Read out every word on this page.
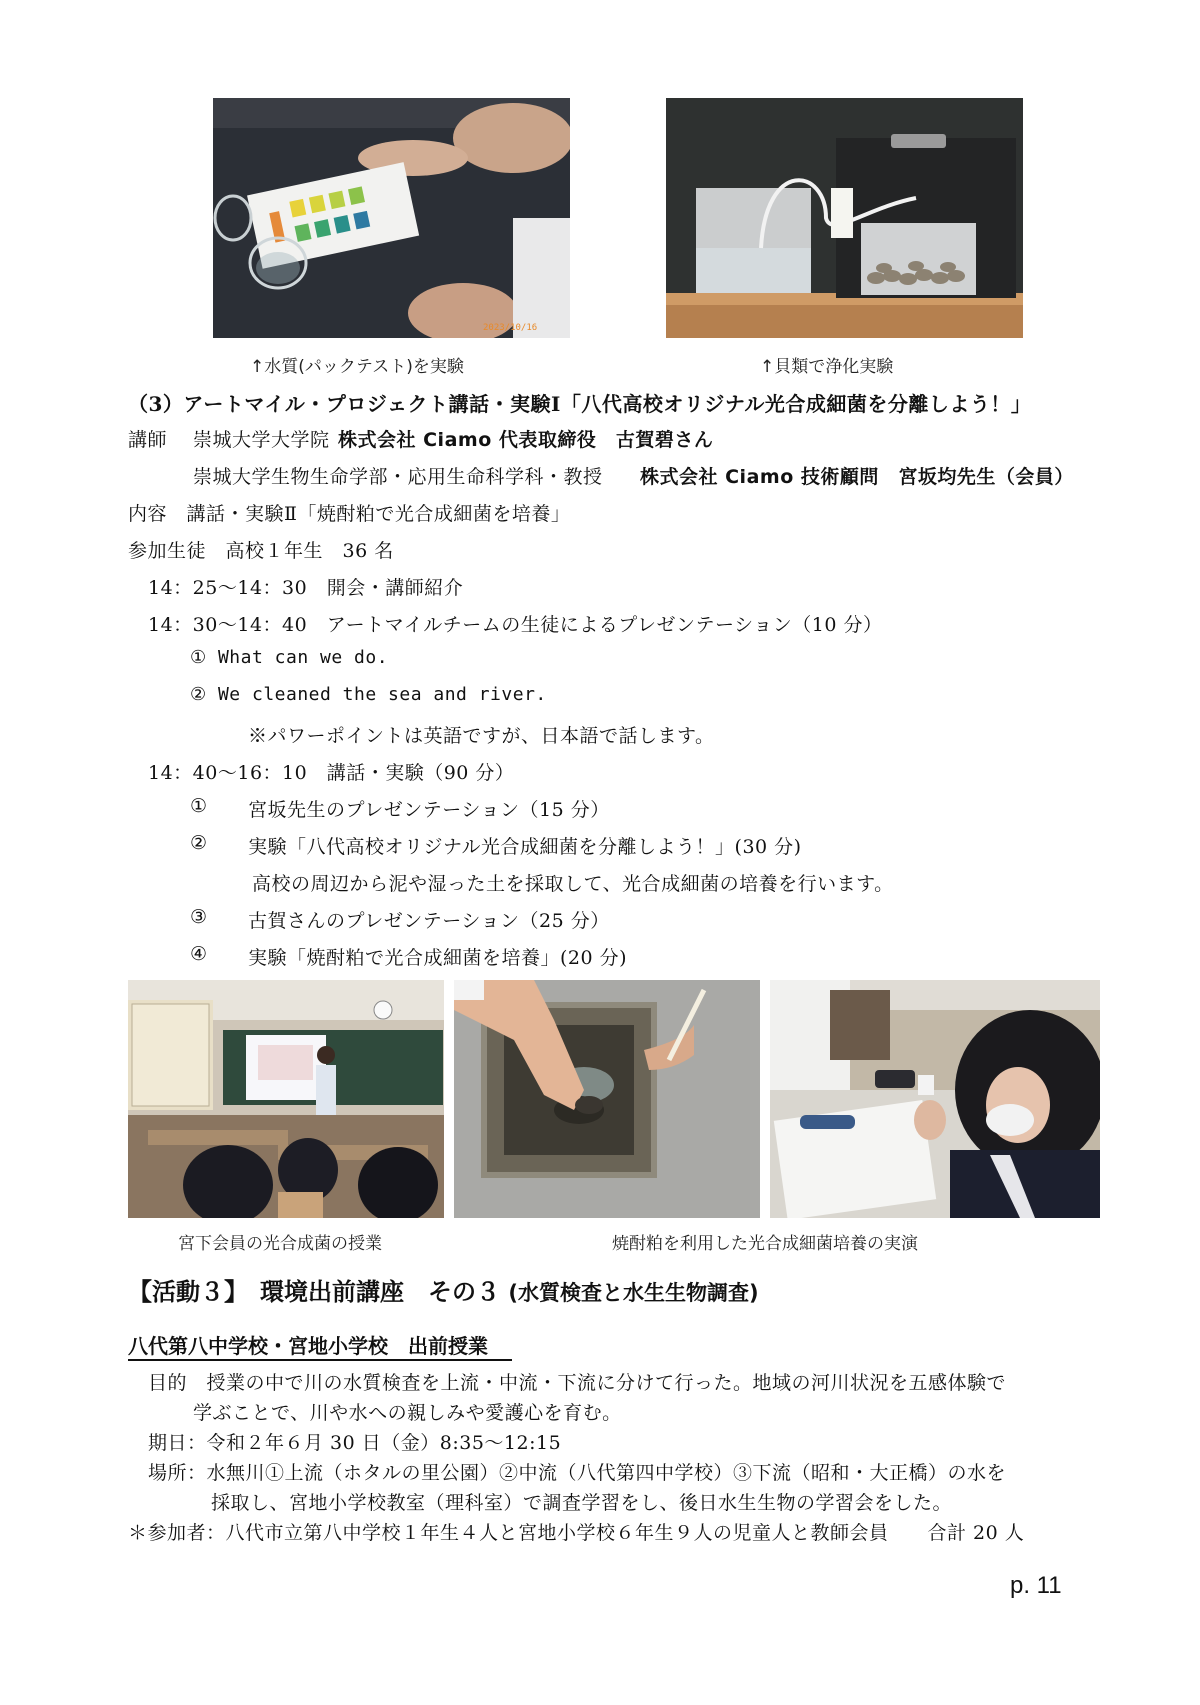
2023/10/16
↑水質(パックテスト)を実験	↑貝類で浄化実験
（3）アートマイル・プロジェクト講話・実験Ⅰ「八代高校オリジナル光合成細菌を分離しよう！」
講師 崇城大学大学院 株式会社 Ciamo 代表取締役　古賀碧さん
崇城大学生物生命学部・応用生命科学科・教授 株式会社 Ciamo 技術顧問　宮坂均先生（会員）
内容　講話・実験Ⅱ「焼酎粕で光合成細菌を培養」
参加生徒　高校１年生　36 名
14：25～14：30　開会・講師紹介
14：30～14：40　アートマイルチームの生徒によるプレゼンテーション（10 分）
① What can we do.
② We cleaned the sea and river.
※パワーポイントは英語ですが、日本語で話します。
14：40～16：10　講話・実験（90 分）
① 宮坂先生のプレゼンテーション（15 分）
② 実験「八代高校オリジナル光合成細菌を分離しよう！」(30 分)
高校の周辺から泥や湿った土を採取して、光合成細菌の培養を行います。
③ 古賀さんのプレゼンテーション（25 分）
④ 実験「焼酎粕で光合成細菌を培養」(20 分)
宮下会員の光合成菌の授業	焼酎粕を利用した光合成細菌培養の実演
【活動３】　環境出前講座　その３ (水質検査と水生生物調査)
八代第八中学校・宮地小学校　出前授業
目的　授業の中で川の水質検査を上流・中流・下流に分けて行った。地域の河川状況を五感体験で
学ぶことで、川や水への親しみや愛護心を育む。
期日：令和２年６月 30 日（金）8:35～12:15
場所：水無川①上流（ホタルの里公園）②中流（八代第四中学校）③下流（昭和・大正橋）の水を
採取し、宮地小学校教室（理科室）で調査学習をし、後日水生生物の学習会をした。
＊参加者：八代市立第八中学校１年生４人と宮地小学校６年生９人の児童人と教師会員　　合計 20 人
p. 11
